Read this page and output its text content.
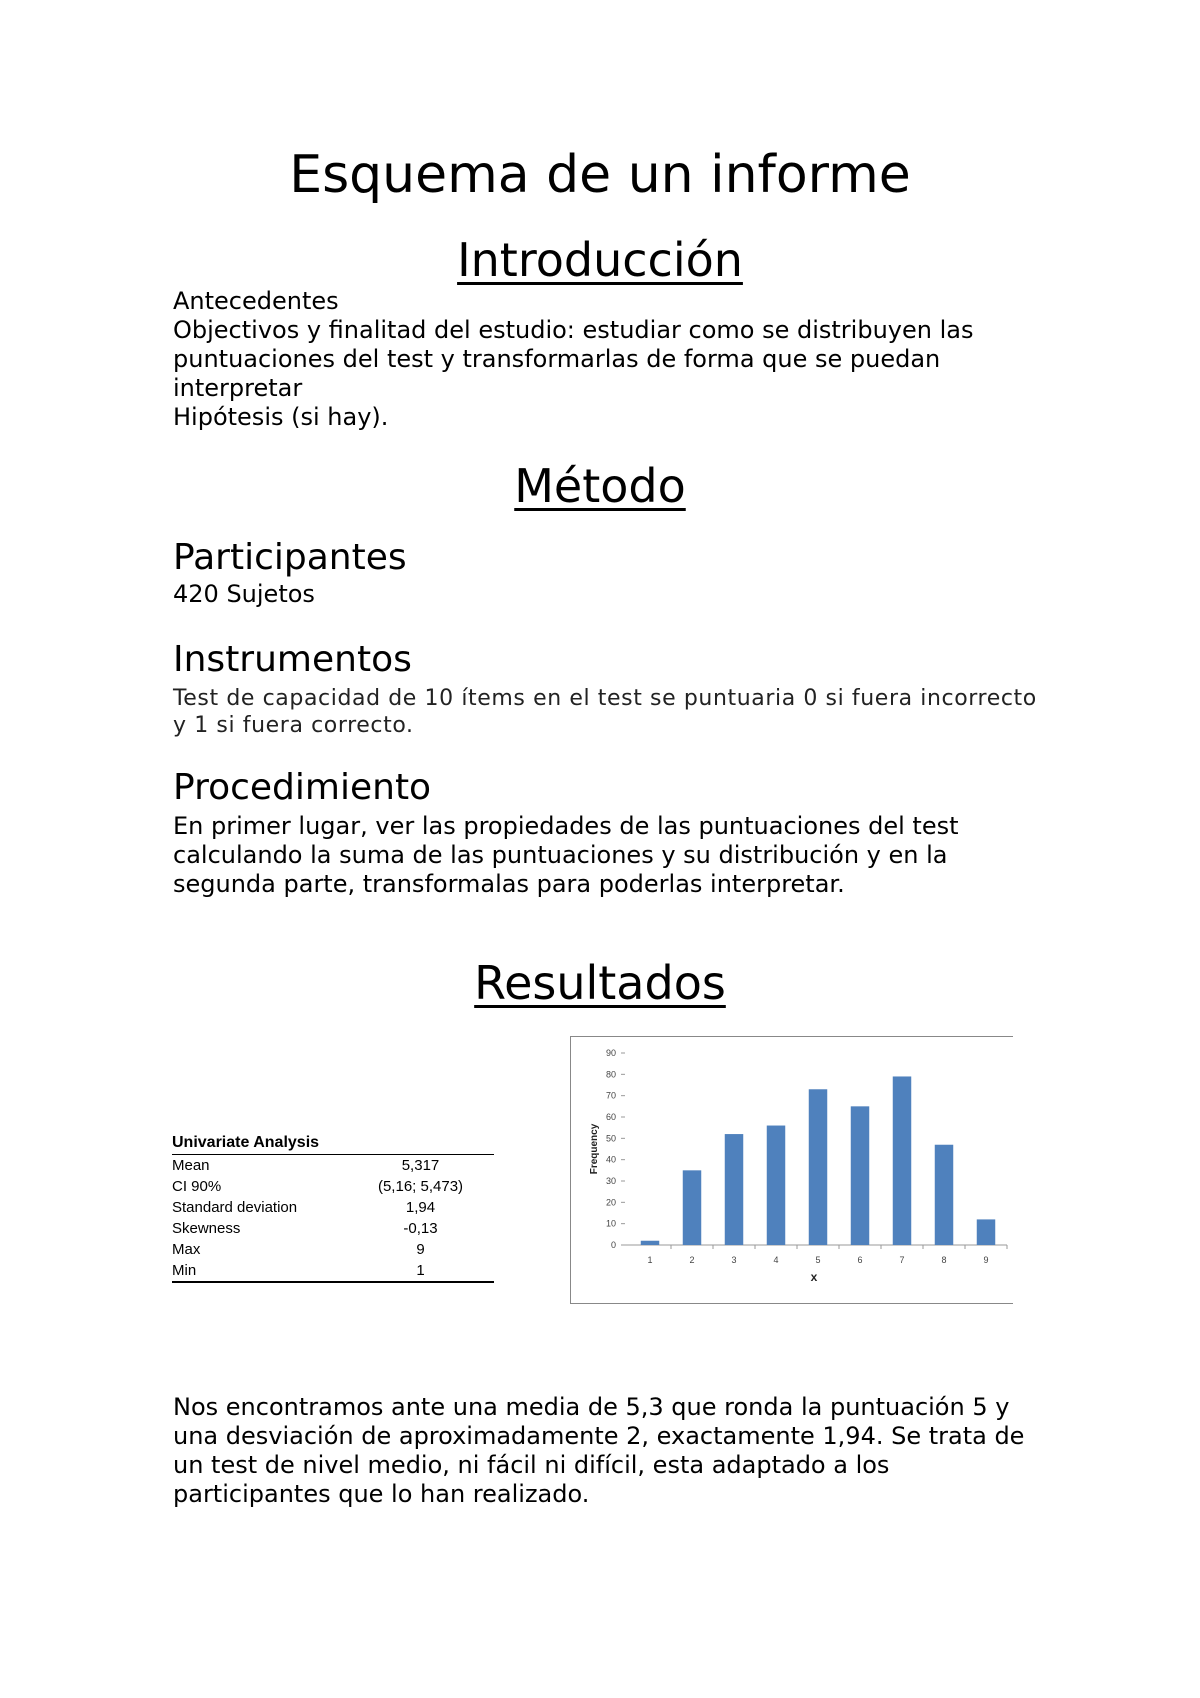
Esquema de un informe
Introducción
Antecedentes
Objectivos y finalitad del estudio: estudiar como se distribuyen las puntuaciones del test y transformarlas de forma que se puedan interpretar
Hipótesis (si hay).
Método
Participantes
420 Sujetos
Instrumentos
Test de capacidad de 10 ítems en el test se puntuaria 0 si fuera incorrecto y 1 si fuera correcto.
Procedimiento
En primer lugar, ver las propiedades de las puntuaciones del test calculando la suma de las puntuaciones y su distribución y en la segunda parte, transformalas para poderlas interpretar.
Resultados
Univariate Analysis
Mean	5,317
CI 90%	(5,16; 5,473)
Standard deviation	1,94
Skewness	-0,13
Max	9
Min	1
0
10
20
30
40
50
60
70
80
90
1	2	3	4	5	6	7	8	9
x
Frequency
Nos encontramos ante una media de 5,3 que ronda la puntuación 5 y una desviación de aproximadamente 2, exactamente 1,94. Se trata de un test de nivel medio, ni fácil ni difícil, esta adaptado a los participantes que lo han realizado.
